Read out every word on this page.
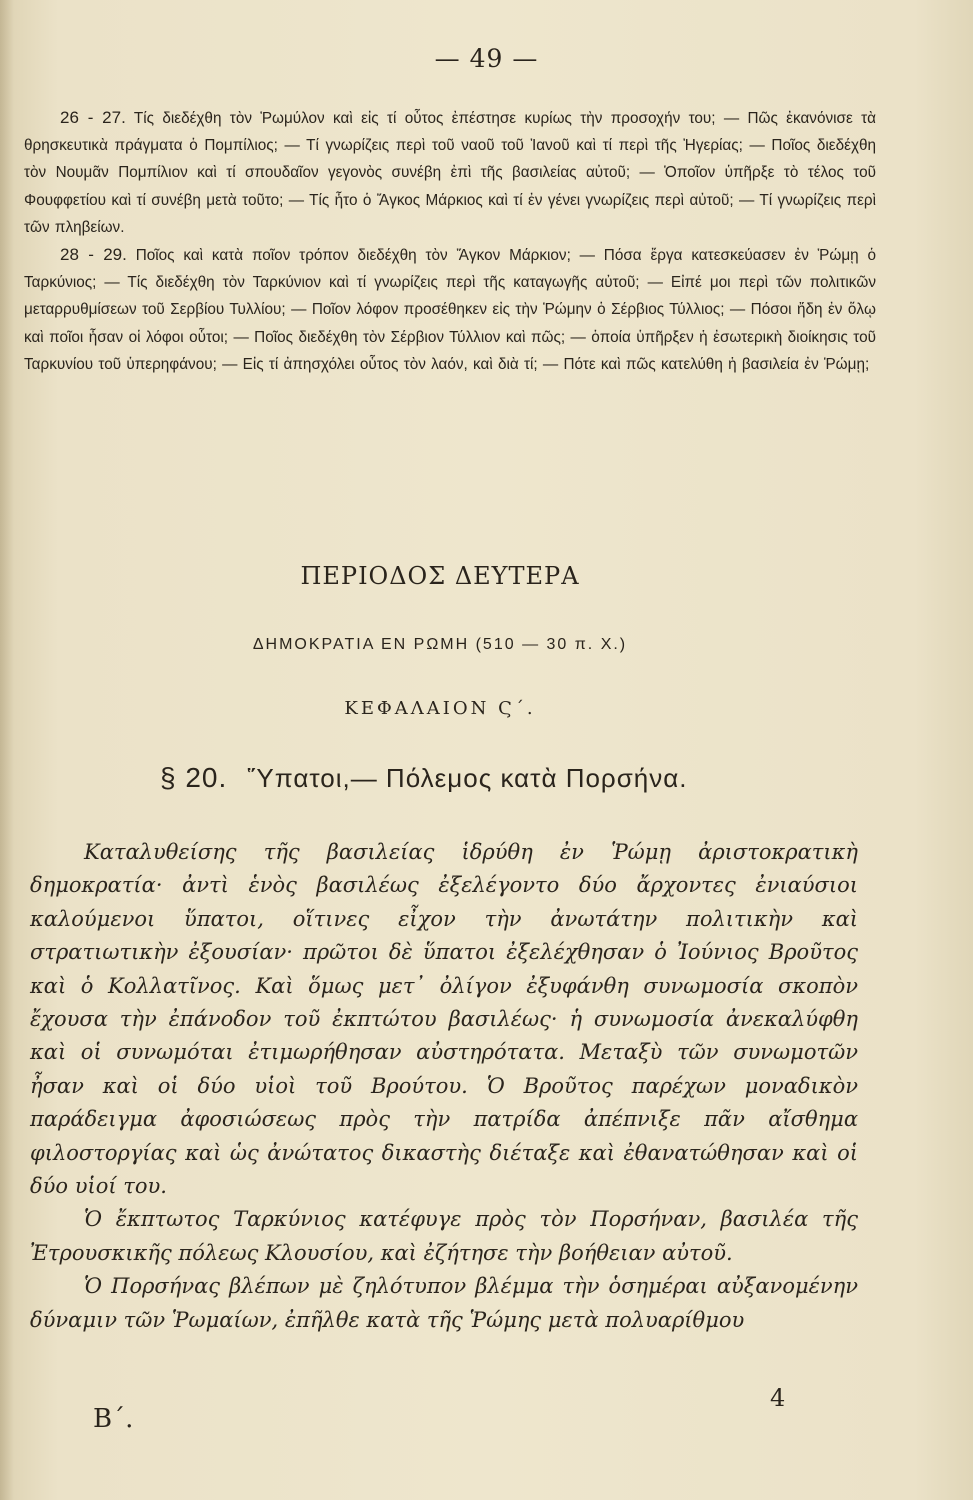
— 49 —

26 - 27. Τίς διεδέχθη τὸν Ῥωμύλον καὶ εἰς τί οὗτος ἐπέστησε κυρίως τὴν προσοχήν του; — Πῶς ἐκανόνισε τὰ θρησκευτικὰ πράγματα ὁ Πομπίλιος; — Τί γνωρίζεις περὶ τοῦ ναοῦ τοῦ Ἰανοῦ καὶ τί περὶ τῆς Ἠγερίας; — Ποῖος διεδέχθη τὸν Νουμᾶν Πομπίλιον καὶ τί σπουδαῖον γεγονὸς συνέβη ἐπὶ τῆς βασιλείας αὐτοῦ; — Ὁποῖον ὑπῆρξε τὸ τέλος τοῦ Φουφφετίου καὶ τί συνέβη μετὰ τοῦτο; — Τίς ἦτο ὁ Ἄγκος Μάρκιος καὶ τί ἐν γένει γνωρίζεις περὶ αὐτοῦ; — Τί γνωρίζεις περὶ τῶν πληβείων.

28 - 29. Ποῖος καὶ κατὰ ποῖον τρόπον διεδέχθη τὸν Ἄγκον Μάρκιον; — Πόσα ἔργα κατεσκεύασεν ἐν Ῥώμῃ ὁ Ταρκύνιος; — Τίς διεδέχθη τὸν Ταρκύνιον καὶ τί γνωρίζεις περὶ τῆς καταγωγῆς αὐτοῦ; — Εἰπέ μοι περὶ τῶν πολιτικῶν μεταρρυθμίσεων τοῦ Σερβίου Τυλλίου; — Ποῖον λόφον προσέθηκεν εἰς τὴν Ῥώμην ὁ Σέρβιος Τύλλιος; — Πόσοι ἤδη ἐν ὅλῳ καὶ ποῖοι ἦσαν οἱ λόφοι οὗτοι; — Ποῖος διεδέχθη τὸν Σέρβιον Τύλλιον καὶ πῶς; — ὁποία ὑπῆρξεν ἡ ἐσωτερικὴ διοίκησις τοῦ Ταρκυνίου τοῦ ὑπερηφάνου; — Εἰς τί ἀπησχόλει οὗτος τὸν λαόν, καὶ διὰ τί; — Πότε καὶ πῶς κατελύθη ἡ βασιλεία ἐν Ῥώμῃ;

ΠΕΡΙΟΔΟΣ ΔΕΥΤΕΡΑ
ΔΗΜΟΚΡΑΤΙΑ ΕΝ ΡΩΜΗ (510 — 30 π. Χ.)
ΚΕΦΑΛΑΙΟΝ Ϛ΄.
§ 20. Ὕπατοι,— Πόλεμος κατὰ Πορσήνα.

Καταλυθείσης τῆς βασιλείας ἱδρύθη ἐν Ῥώμῃ ἀριστοκρατικὴ δημοκρατία· ἀντὶ ἑνὸς βασιλέως ἐξελέγοντο δύο ἄρχοντες ἐνιαύσιοι καλούμενοι ὕπατοι, οἵτινες εἶχον τὴν ἀνωτάτην πολιτικὴν καὶ στρατιωτικὴν ἐξουσίαν· πρῶτοι δὲ ὕπατοι ἐξελέχθησαν ὁ Ἰούνιος Βροῦτος καὶ ὁ Κολλατῖνος. Καὶ ὅμως μετ᾽ ὀλίγον ἐξυφάνθη συνωμοσία σκοπὸν ἔχουσα τὴν ἐπάνοδον τοῦ ἐκπτώτου βασιλέως· ἡ συνωμοσία ἀνεκαλύφθη καὶ οἱ συνωμόται ἐτιμωρήθησαν αὐστηρότατα. Μεταξὺ τῶν συνωμοτῶν ἦσαν καὶ οἱ δύο υἱοὶ τοῦ Βρούτου. Ὁ Βροῦτος παρέχων μοναδικὸν παράδειγμα ἀφοσιώσεως πρὸς τὴν πατρίδα ἀπέπνιξε πᾶν αἴσθημα φιλοστοργίας καὶ ὡς ἀνώτατος δικαστὴς διέταξε καὶ ἐθανατώθησαν καὶ οἱ δύο υἱοί του.

Ὁ ἔκπτωτος Ταρκύνιος κατέφυγε πρὸς τὸν Πορσήναν, βασιλέα τῆς Ἐτρουσκικῆς πόλεως Κλουσίου, καὶ ἐζήτησε τὴν βοήθειαν αὐτοῦ.

Ὁ Πορσήνας βλέπων μὲ ζηλότυπον βλέμμα τὴν ὁσημέραι αὐξανομένην δύναμιν τῶν Ῥωμαίων, ἐπῆλθε κατὰ τῆς Ῥώμης μετὰ πολυαρίθμου

Β΄.
4
